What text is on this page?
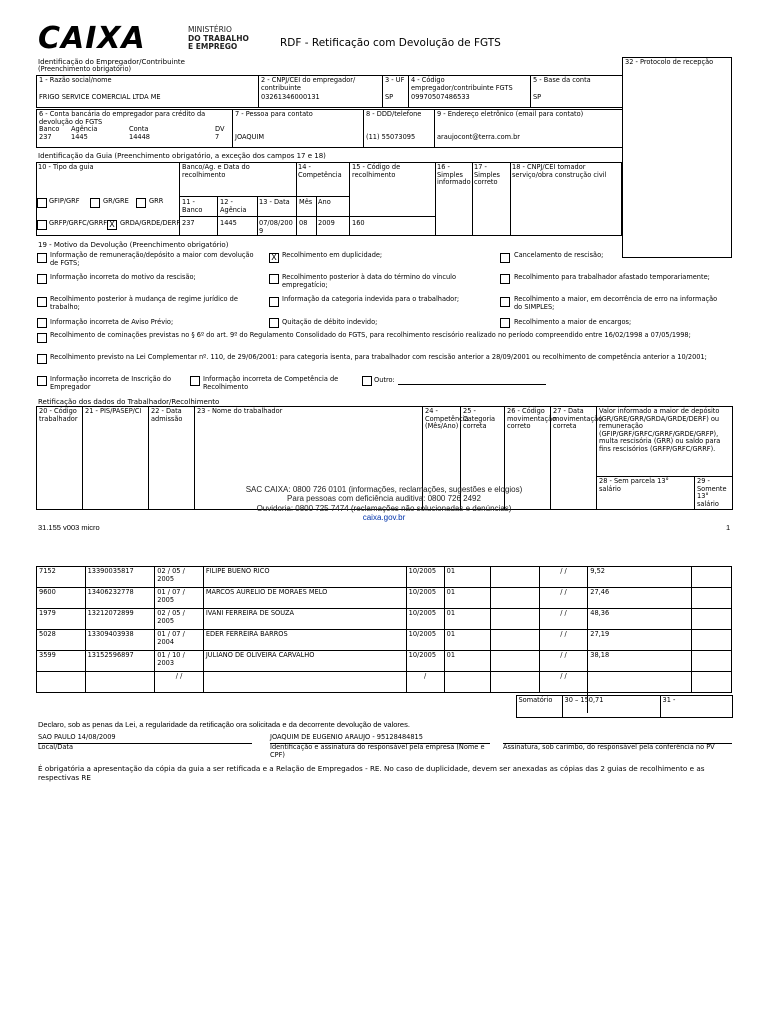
CAIXA	MINISTÉRIO
DO TRABALHO
E EMPREGO	RDF - Retificação com Devolução de FGTS
Identificação do Empregador/Contribuinte
(Preenchimento obrigatório)
32 - Protocolo de recepção
1 - Razão social/nome
FRIGO SERVICE COMERCIAL LTDA ME

2 - CNPJ/CEI do empregador/ contribuinte
03261346000131

3 - UF
SP

4 - Código empregador/contribuinte FGTS
09970507486533

5 - Base da conta
SP
6 - Conta bancária do empregador para crédito da devolução do FGTS
Banco Agência	Conta	DV
237	1445	14448	7

7 - Pessoa para contato
JOAQUIM

8 - DDD/telefone
(11) 55073095

9 - Endereço eletrônico (email para contato)
araujocont@terra.com.br
Identificação da Guia (Preenchimento obrigatório, a exceção dos campos 17 e 18)
10 - Tipo da guia
GFIP/GRF	GR/GRE	GRR
GRFP/GRFC/GRRF X GRDA/GRDE/DERF
Banco/Ag. e Data do recolhimento
11 - Banco
237
12 - Agência
1445
13 - Data
07/08/2009
14 - Competência
Mês
08
Ano
2009
15 - Código de recolhimento
160
16 - Simples informado
17 - Simples correto
18 - CNPJ/CEI tomador serviço/obra construção civil
19 - Motivo da Devolução (Preenchimento obrigatório)
Informação de remuneração/depósito a maior com devolução de FGTS;
X Recolhimento em duplicidade;	Cancelamento de rescisão;
Informação incorreta do motivo da rescisão;	Recolhimento posterior à data do término do vínculo empregatício;
Recolhimento para trabalhador afastado temporariamente;
Recolhimento posterior à mudança de regime jurídico de trabalho;
Informação da categoria indevida para o trabalhador;	Recolhimento a maior, em decorrência de erro na informação do SIMPLES;
Informação incorreta de Aviso Prévio;	Quitação de débito indevido;	Recolhimento a maior de encargos;
Recolhimento de cominações previstas no § 6º do art. 9º do Regulamento Consolidado do FGTS, para recolhimento rescisório realizado no período compreendido entre 16/02/1998 a 07/05/1998;
Recolhimento previsto na Lei Complementar nº. 110, de 29/06/2001: para categoria isenta, para trabalhador com rescisão anterior a 28/09/2001 ou recolhimento de competência anterior a 10/2001;
Informação incorreta de Inscrição do Empregador
Informação incorreta de Competência de Recolhimento
Outro:
Retificação dos dados do Trabalhador/Recolhimento
20 - Código trabalhador	21 - PIS/PASEP/CI	22 - Data admissão	23 - Nome do trabalhador	24 - Competência (Mês/Ano)	25 - Categoria correta	26 - Código movimentação correto	27 - Data movimentação correta	Valor informado a maior de depósito (GR/GRE/GRR/GRDA/GRDE/DERF) ou remuneração (GFIP/GRF/GRFC/GRRF/GRDE/GRFP), multa rescisória (GRR) ou saldo para fins rescisórios (GRFP/GRFC/GRRF).	
								28 - Sem parcela 13° salário	29 - Somente 13° salário
SAC CAIXA: 0800 726 0101 (informações, reclamações, sugestões e elogios)
Para pessoas com deficiência auditiva: 0800 726 2492
Ouvidoria: 0800 725 7474 (reclamações não solucionadas e denúncias)
caixa.gov.br
31.155 v003 micro	1
7152	13390035817	02 / 05 / 2005	FILIPE BUENO RICO	10/2005	01		/ /	9,52	
9600	13406232778	01 / 07 / 2005	MARCOS AURELIO DE MORAES MELO	10/2005	01		/ /	27,46	
1979	13212072899	02 / 05 / 2005	IVANI FERREIRA DE SOUZA	10/2005	01		/ /	48,36	
5028	13309403938	01 / 07 / 2004	EDER FERREIRA BARROS	10/2005	01		/ /	27,19	
3599	13152596897	01 / 10 / 2003	JULIANO DE OLIVEIRA CARVALHO	10/2005	01		/ /	38,18	
		/ /		/			/ /		

	Somatório	30 – 150,71	31 -
Declaro, sob as penas da Lei, a regularidade da retificação ora solicitada e da decorrente devolução de valores.
SAO PAULO 14/08/2009
Local/Data
JOAQUIM DE EUGENIO ARAUJO - 95128484815
Identificação e assinatura do responsável pela empresa (Nome e CPF)
Assinatura, sob carimbo, do responsável pela conferência no PV
É obrigatória a apresentação da cópia da guia a ser retificada e a Relação de Empregados - RE. No caso de duplicidade, devem ser anexadas as cópias das 2 guias de recolhimento e as respectivas RE
